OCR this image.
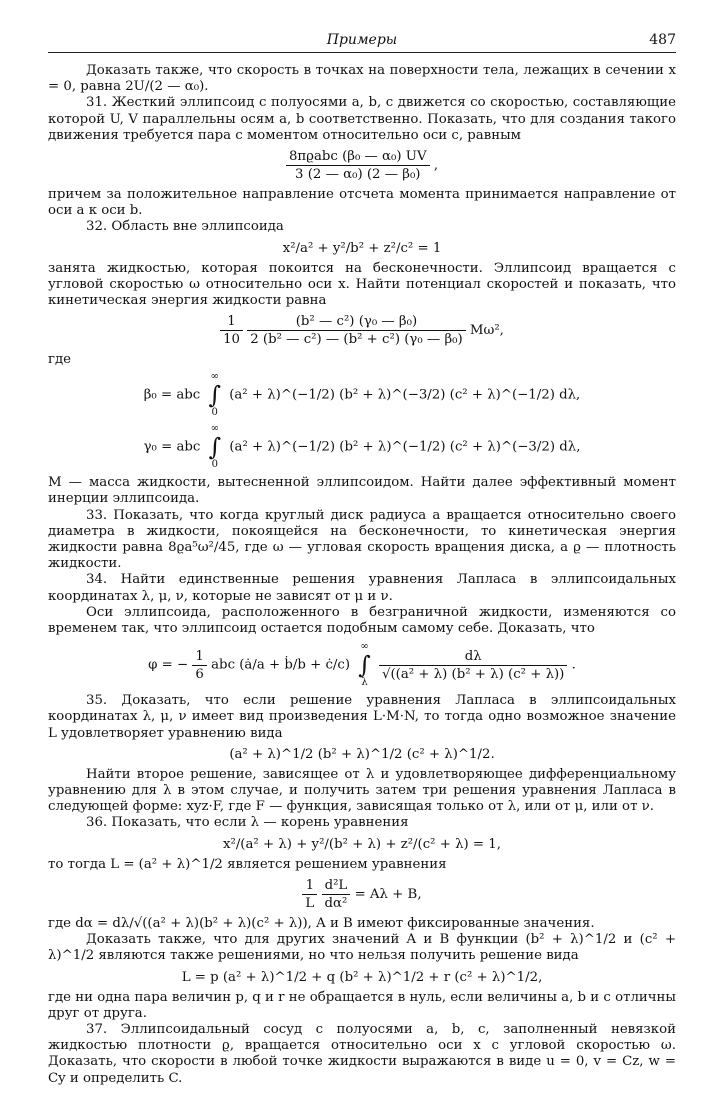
Примеры	487

Доказать также, что скорость в точках на поверхности тела, лежащих в сечении x = 0, равна 2U/(2 — α₀).

31. Жесткий эллипсоид с полуосями a, b, c движется со скоростью, составляющие которой U, V параллельны осям a, b соответственно. Показать, что для создания такого движения требуется пара с моментом относительно оси c, равным

$\frac{\text{8πϱabc (β₀ — α₀) UV}}{\text{3 (2 — α₀) (2 — β₀)}}$ ,

причем за положительное направление отсчета момента принимается направление от оси a к оси b.

32. Область вне эллипсоида

x²/a² + y²/b² + z²/c² = 1

занята жидкостью, которая покоится на бесконечности. Эллипсоид вращается с угловой скоростью ω относительно оси x. Найти потенциал скоростей и показать, что кинетическая энергия жидкости равна

$\frac{1}{10}$
$\frac{\text{(b² — c²) (γ₀ — β₀)}}{\text{2 (b² — c²) — (b² + c²) (γ₀ — β₀)}} M\omega^2$,
где
β₀ = abc
∞
∫
0
(a² + λ)^(−1/2) (b² + λ)^(−3/2) (c² + λ)^(−1/2) dλ,
γ₀ = abc
∞
∫
0
(a² + λ)^(−1/2) (b² + λ)^(−1/2) (c² + λ)^(−3/2) dλ,

M — масса жидкости, вытесненной эллипсоидом. Найти далее эффективный момент инерции эллипсоида.

33. Показать, что когда круглый диск радиуса a вращается относительно своего диаметра в жидкости, покоящейся на бесконечности, то кинетическая энергия жидкости равна 8ϱa⁵ω²/45, где ω — угловая скорость вращения диска, a ϱ — плотность жидкости.

34. Найти единственные решения уравнения Лапласа в эллипсоидальных координатах λ, μ, ν, которые не зависят от μ и ν.

Оси эллипсоида, расположенного в безграничной жидкости, изменяются со временем так, что эллипсоид остается подобным самому себе. Доказать, что

φ = − $\frac{1}{6}$ abc (ȧ/a + ḃ/b + ċ/c)
∞
∫
λ
$\frac{d\lambda}{\text{√((a² + λ) (b² + λ) (c² + λ))}}$ .

35. Доказать, что если решение уравнения Лапласа в эллипсоидальных координатах λ, μ, ν имеет вид произведения L·M·N, то тогда одно возможное значение L удовлетворяет уравнению вида

(a² + λ)^1/2 (b² + λ)^1/2 (c² + λ)^1/2.

Найти второе решение, зависящее от λ и удовлетворяющее дифференциальному уравнению для λ в этом случае, и получить затем три решения уравнения Лапласа в следующей форме: xyz·F, где F — функция, зависящая только от λ, или от μ, или от ν.

36. Показать, что если λ — корень уравнения

x²/(a² + λ) + y²/(b² + λ) + z²/(c² + λ) = 1,

то тогда L = (a² + λ)^1/2 является решением уравнения

$\frac{1}{L}$
$\frac{\text{d²L}}{\text{dα²}} = A\lambda + B$,

где dα = dλ/√((a² + λ)(b² + λ)(c² + λ)), A и B имеют фиксированные значения.

Доказать также, что для других значений A и B функции (b² + λ)^1/2 и (c² + λ)^1/2 являются также решениями, но что нельзя получить решение вида

L = p (a² + λ)^1/2 + q (b² + λ)^1/2 + r (c² + λ)^1/2,

где ни одна пара величин p, q и r не обращается в нуль, если величины a, b и c отличны друг от друга.

37. Эллипсоидальный сосуд с полуосями a, b, c, заполненный невязкой жидкостью плотности ϱ, вращается относительно оси x с угловой скоростью ω. Доказать, что скорости в любой точке жидкости выражаются в виде u = 0, v = Cz, w = Cy и определить C.
